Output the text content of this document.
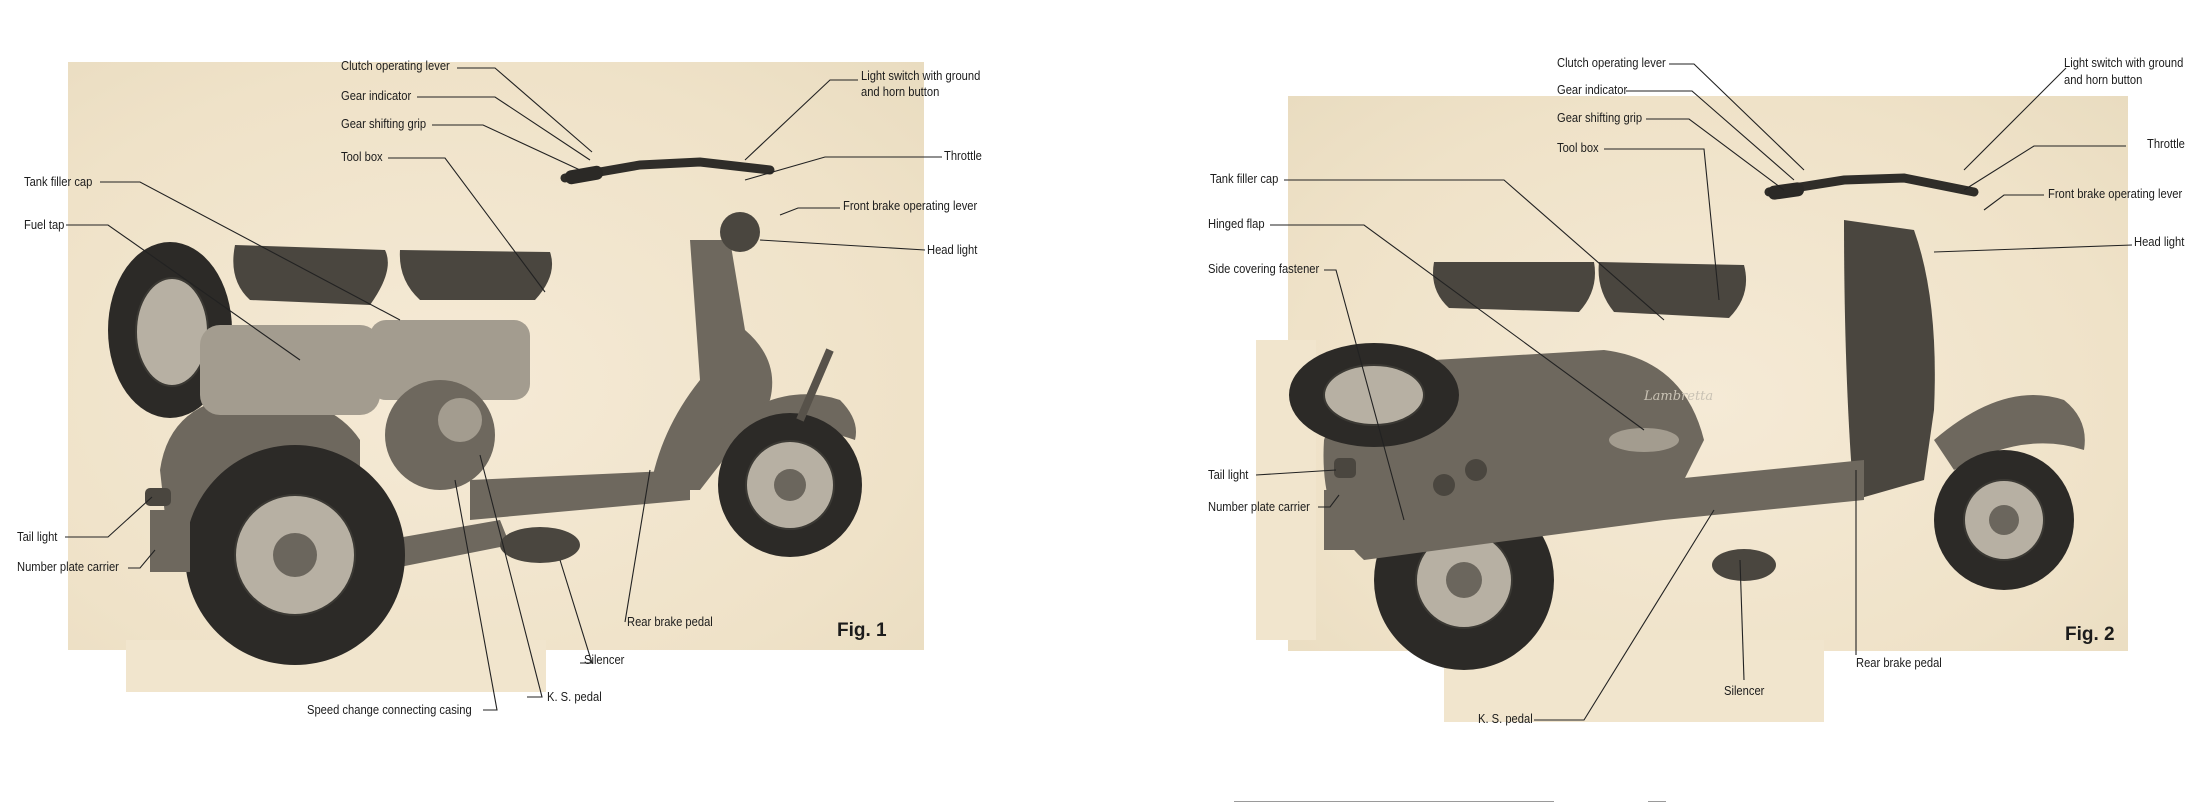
Clutch operating lever
Gear indicator
Gear shifting grip
Tool box
Tank filler cap
Fuel tap
Tail light
Number plate carrier
Speed change connecting casing
K. S. pedal
Silencer
Rear brake pedal
Light switch with ground
and horn button
Throttle
Front brake operating lever
Head light
Fig. 1
Lambretta
Clutch operating lever
Gear indicator
Gear shifting grip
Tool box
Tank filler cap
Hinged flap
Side covering fastener
Tail light
Number plate carrier
K. S. pedal
Silencer
Rear brake pedal
Light switch with ground
and horn button
Throttle
Front brake operating lever
Head light
Fig. 2
